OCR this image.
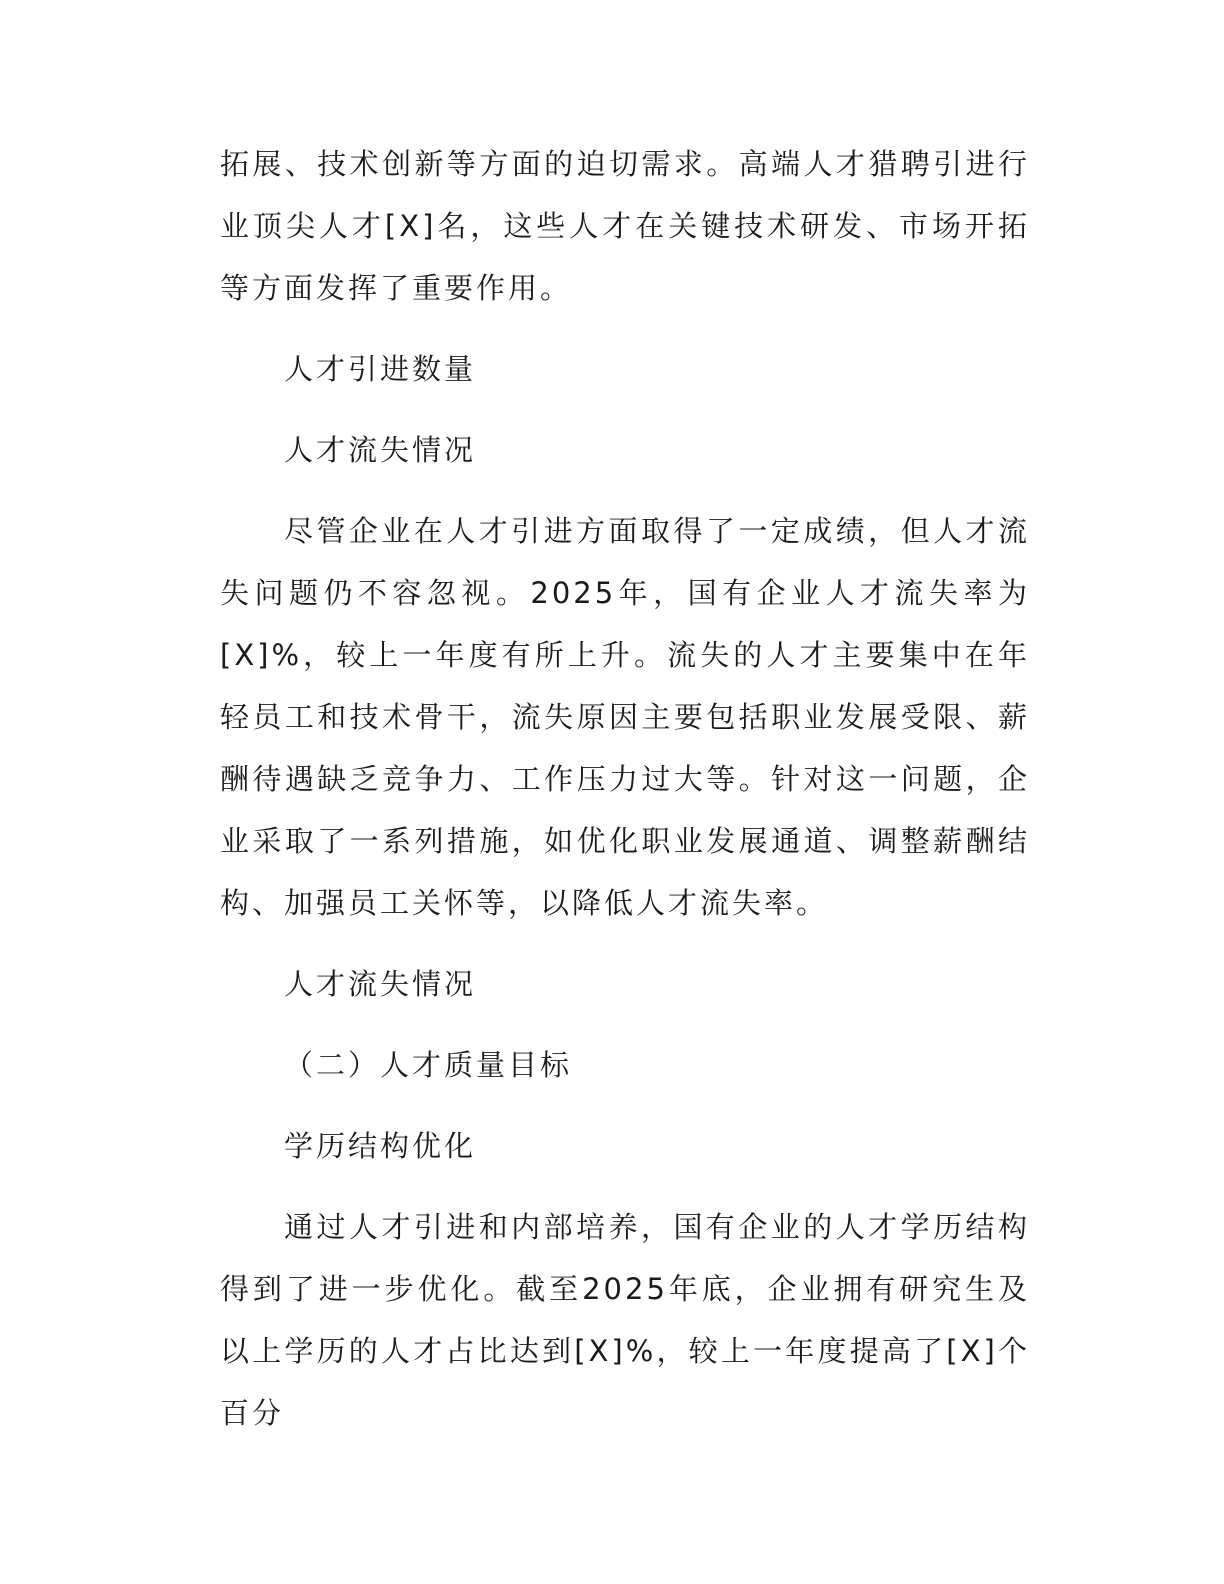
拓展、技术创新等方面的迫切需求。高端人才猎聘引进行业顶尖人才[X]名，这些人才在关键技术研发、市场开拓等方面发挥了重要作用。

人才引进数量

人才流失情况

尽管企业在人才引进方面取得了一定成绩，但人才流失问题仍不容忽视。2025年，国有企业人才流失率为[X]%，较上一年度有所上升。流失的人才主要集中在年轻员工和技术骨干，流失原因主要包括职业发展受限、薪酬待遇缺乏竞争力、工作压力过大等。针对这一问题，企业采取了一系列措施，如优化职业发展通道、调整薪酬结构、加强员工关怀等，以降低人才流失率。

人才流失情况

（二）人才质量目标

学历结构优化

通过人才引进和内部培养，国有企业的人才学历结构得到了进一步优化。截至2025年底，企业拥有研究生及以上学历的人才占比达到[X]%，较上一年度提高了[X]个百分
